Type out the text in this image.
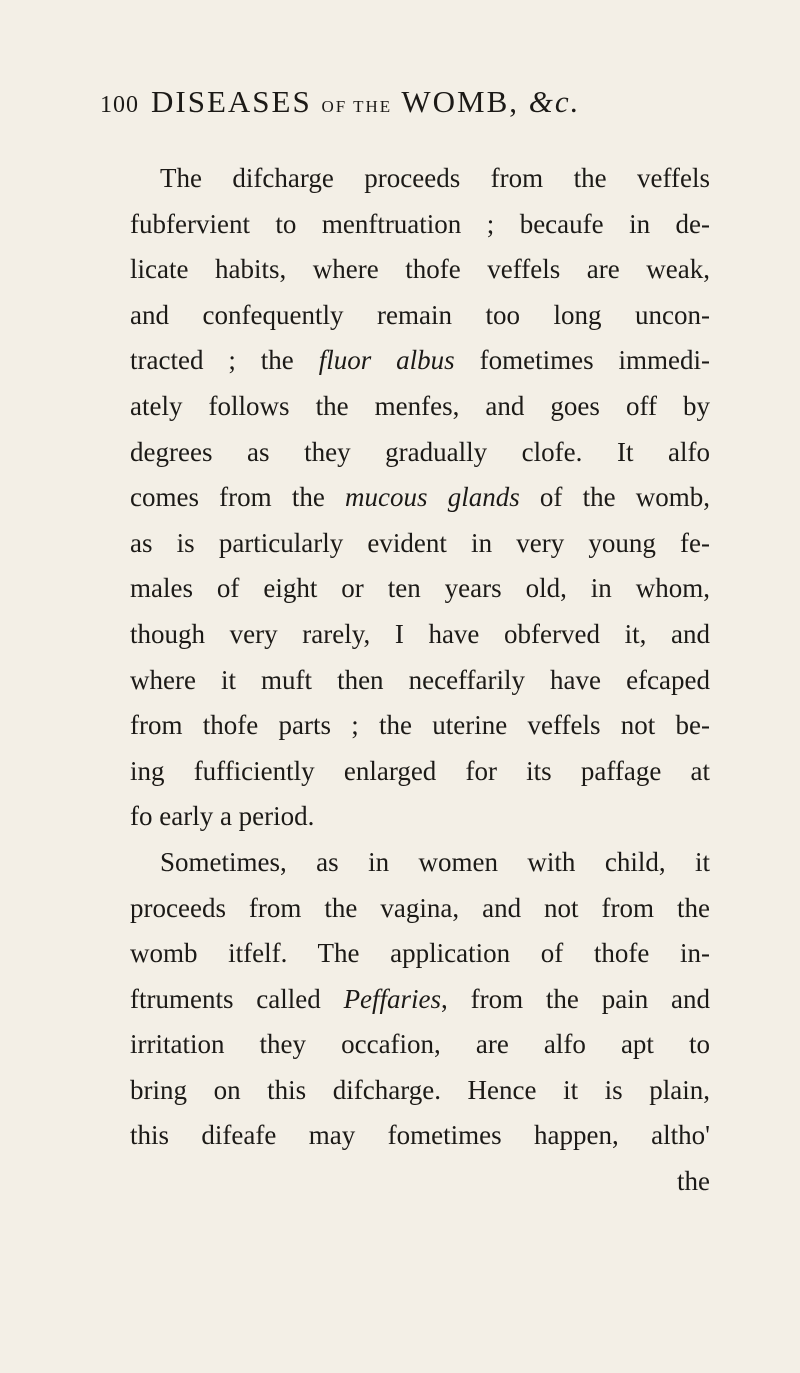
100 DISEASES OF THE WOMB, &c.
The difcharge proceeds from the veffels
fubfervient to menftruation ; becaufe in de-
licate habits, where thofe veffels are weak,
and confequently remain too long uncon-
tracted ; the fluor albus fometimes immedi-
ately follows the menfes, and goes off by
degrees as they gradually clofe. It alfo
comes from the mucous glands of the womb,
as is particularly evident in very young fe-
males of eight or ten years old, in whom,
though very rarely, I have obferved it, and
where it muft then neceffarily have efcaped
from thofe parts ; the uterine veffels not be-
ing fufficiently enlarged for its paffage at
fo early a period.
Sometimes, as in women with child, it
proceeds from the vagina, and not from the
womb itfelf. The application of thofe in-
ftruments called Peffaries, from the pain and
irritation they occafion, are alfo apt to
bring on this difcharge. Hence it is plain,
this difeafe may fometimes happen, altho'
the
